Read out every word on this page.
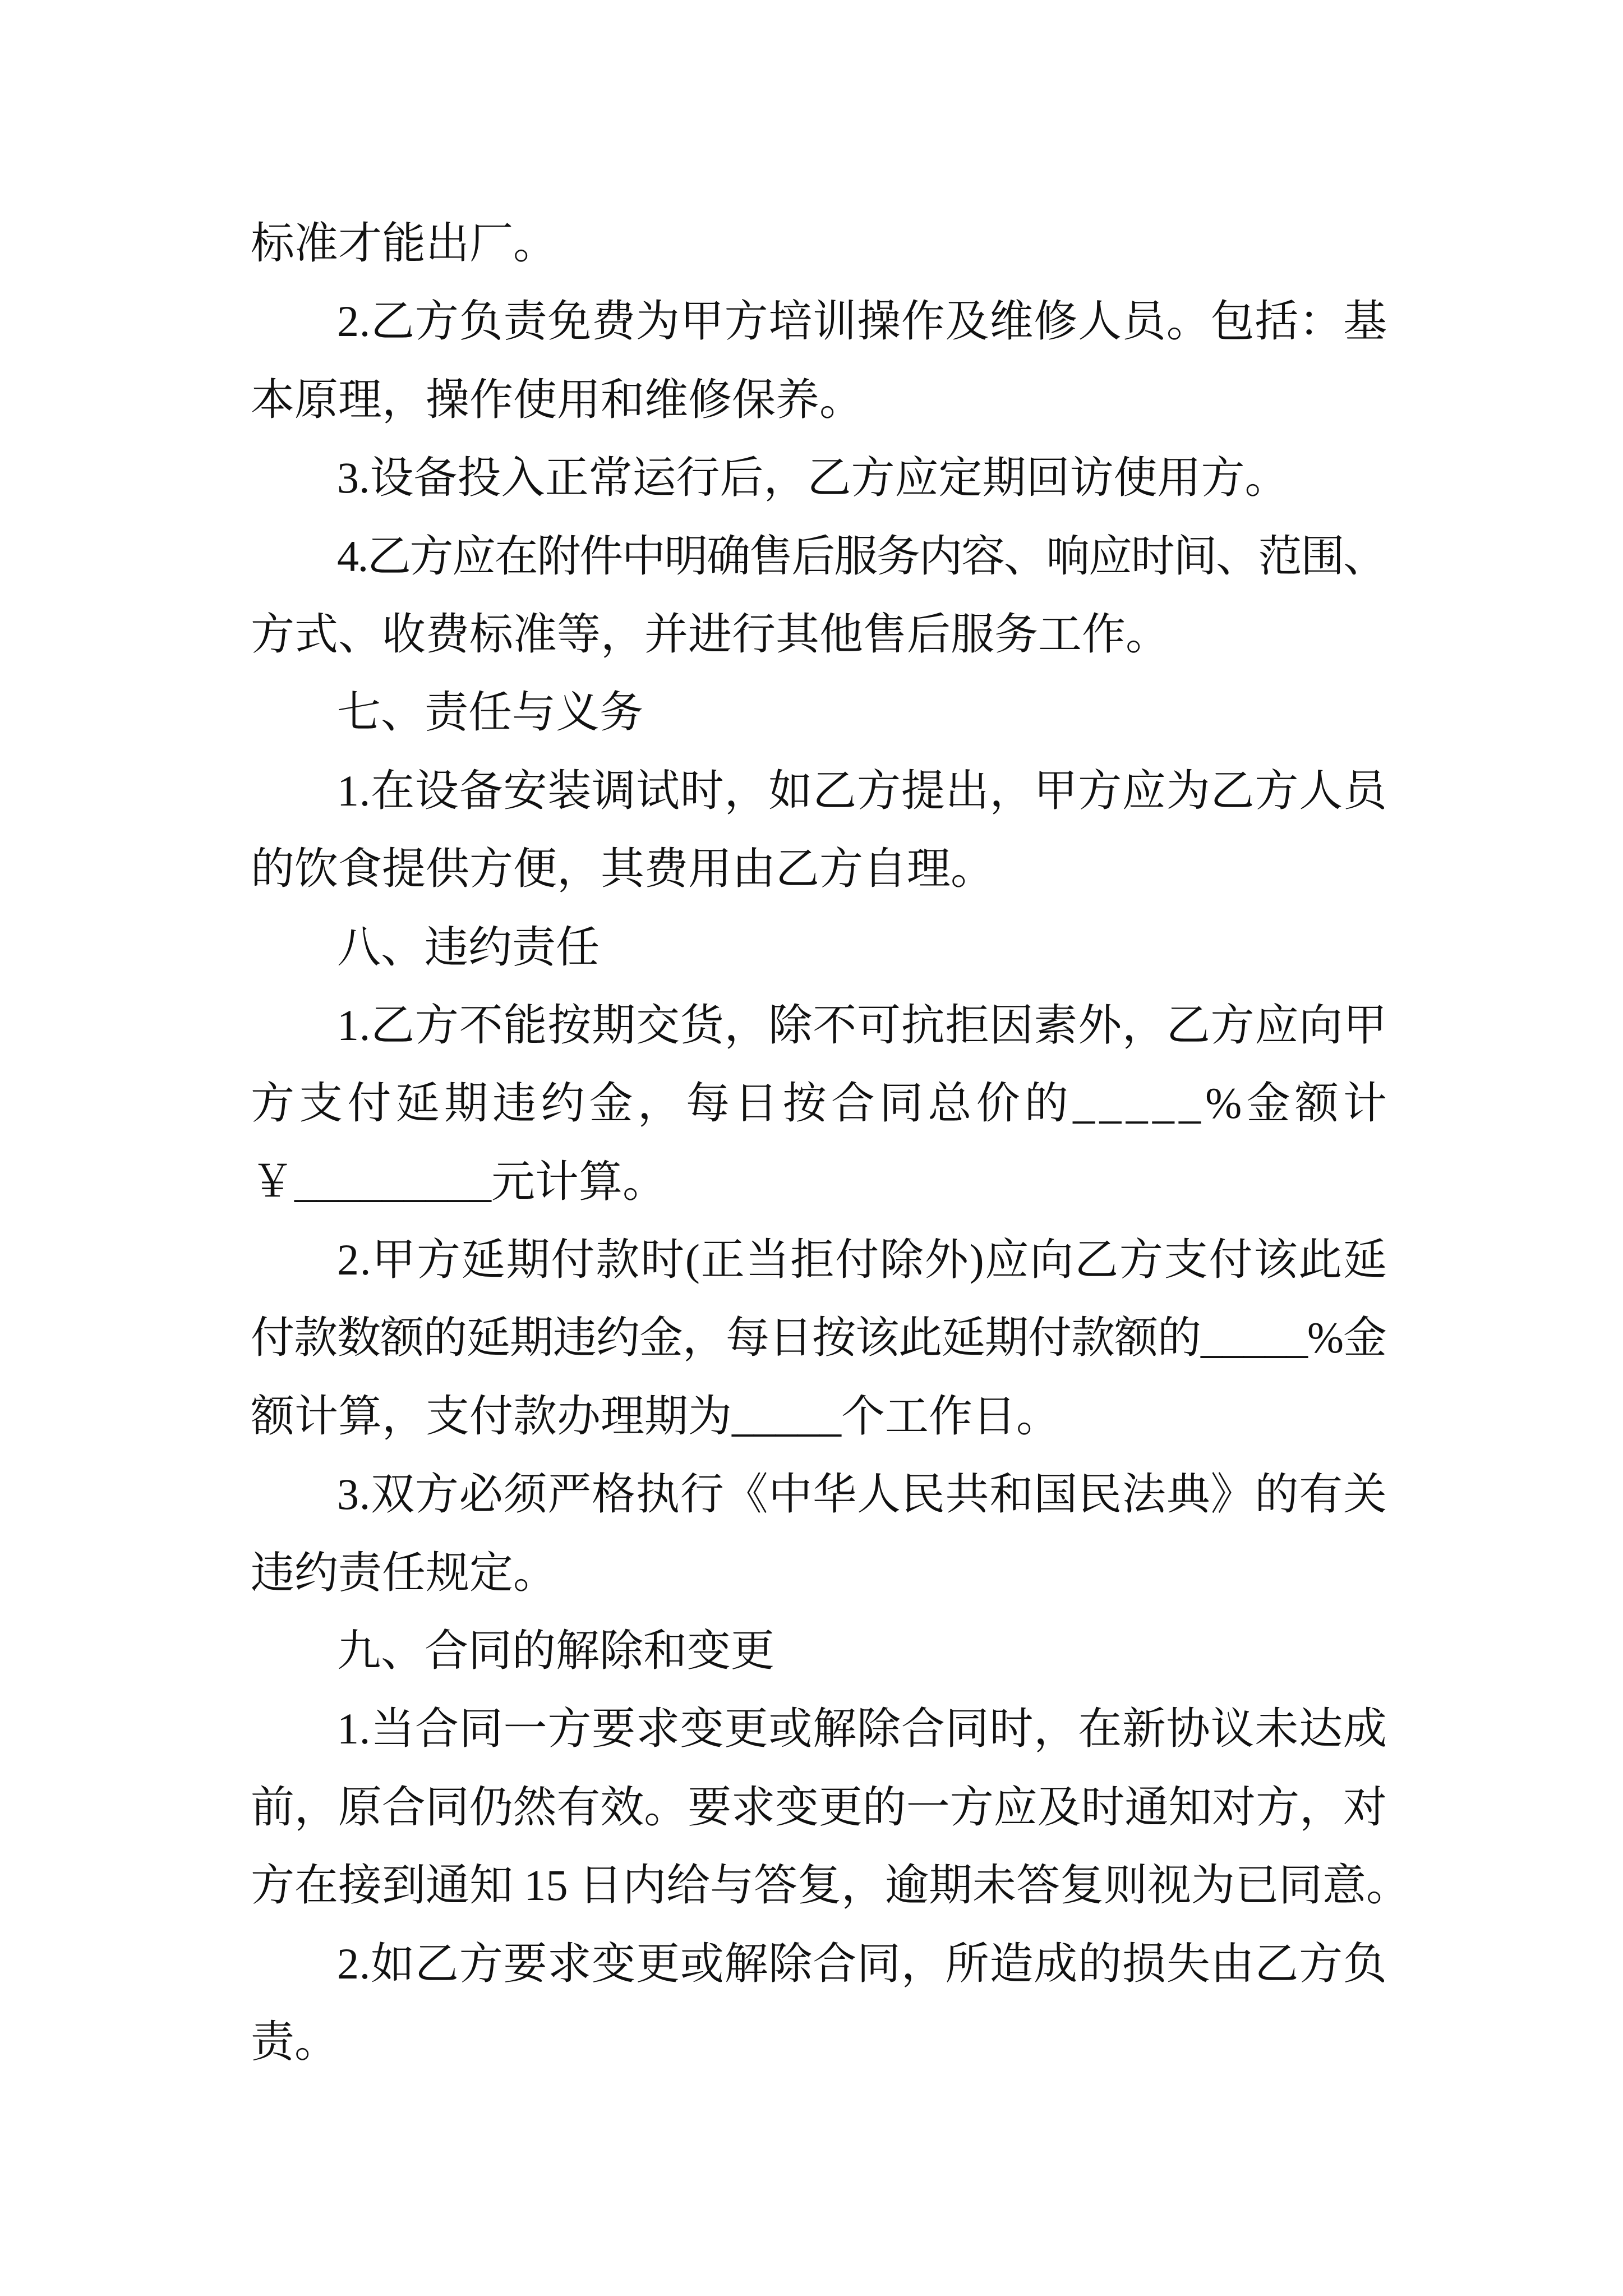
标准才能出厂。
2.乙方负责免费为甲方培训操作及维修人员。包括：基
本原理，操作使用和维修保养。
3.设备投入正常运行后，乙方应定期回访使用方。
4.乙方应在附件中明确售后服务内容、响应时间、范围、
方式、收费标准等，并进行其他售后服务工作。
七、责任与义务
1.在设备安装调试时，如乙方提出，甲方应为乙方人员
的饮食提供方便，其费用由乙方自理。
八、违约责任
1.乙方不能按期交货，除不可抗拒因素外，乙方应向甲
方支付延期违约金，每日按合同总价的_____%金额计
￥_________元计算。
2.甲方延期付款时(正当拒付除外)应向乙方支付该此延
付款数额的延期违约金，每日按该此延期付款额的_____%金
额计算，支付款办理期为_____个工作日。
3.双方必须严格执行《中华人民共和国民法典》的有关
违约责任规定。
九、合同的解除和变更
1.当合同一方要求变更或解除合同时，在新协议未达成
前，原合同仍然有效。要求变更的一方应及时通知对方，对
方在接到通知 15 日内给与答复，逾期未答复则视为已同意。
2.如乙方要求变更或解除合同，所造成的损失由乙方负
责。
